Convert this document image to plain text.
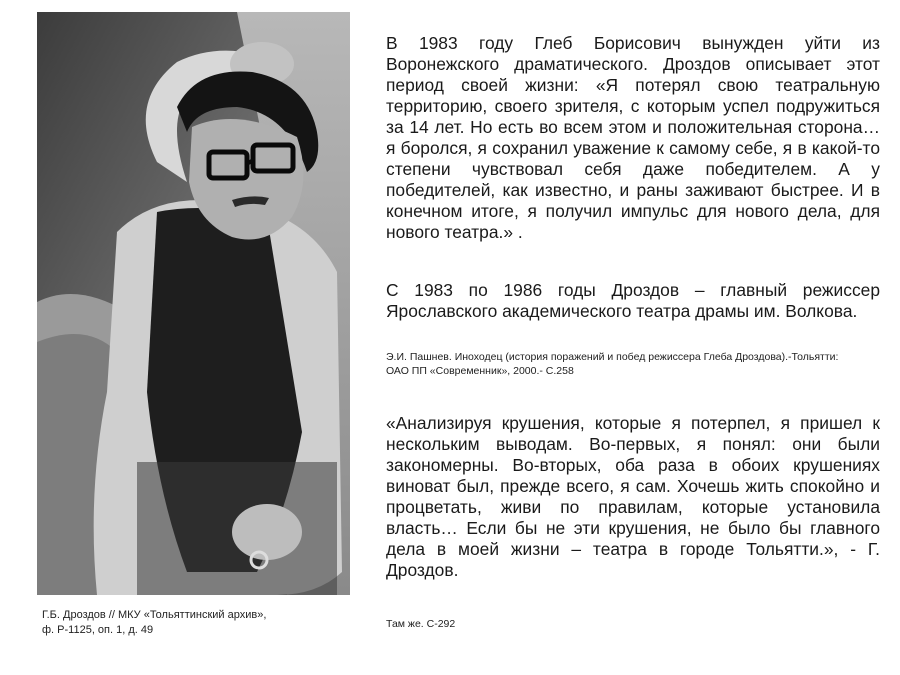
Г.Б. Дроздов // МКУ «Тольяттинский архив»,
ф. Р-1125, оп. 1, д. 49
В 1983 году Глеб Борисович вынужден уйти из Воронежского драматического. Дроздов описывает этот период своей жизни: «Я потерял свою театральную территорию, своего зрителя, с которым успел подружиться за 14 лет. Но есть во всем этом и положительная сторона… я боролся, я сохранил уважение к самому себе, я в какой-то степени чувствовал себя даже победителем. А у победителей, как известно, и раны заживают быстрее. И в конечном итоге, я получил импульс для нового дела, для нового театра.» .
С 1983 по 1986 годы Дроздов – главный режиссер Ярославского академического театра драмы им. Волкова.
Э.И. Пашнев. Иноходец (история поражений и побед режиссера Глеба Дроздова).-Тольятти: ОАО ПП «Современник», 2000.- С.258
«Анализируя крушения, которые я потерпел, я пришел к нескольким выводам. Во-первых, я понял: они были закономерны. Во-вторых, оба раза в обоих крушениях виноват был, прежде всего, я сам. Хочешь жить спокойно и процветать, живи по правилам, которые установила власть… Если бы не эти крушения, не было бы главного дела в моей жизни – театра в городе Тольятти.», - Г. Дроздов.
Там же. С-292
